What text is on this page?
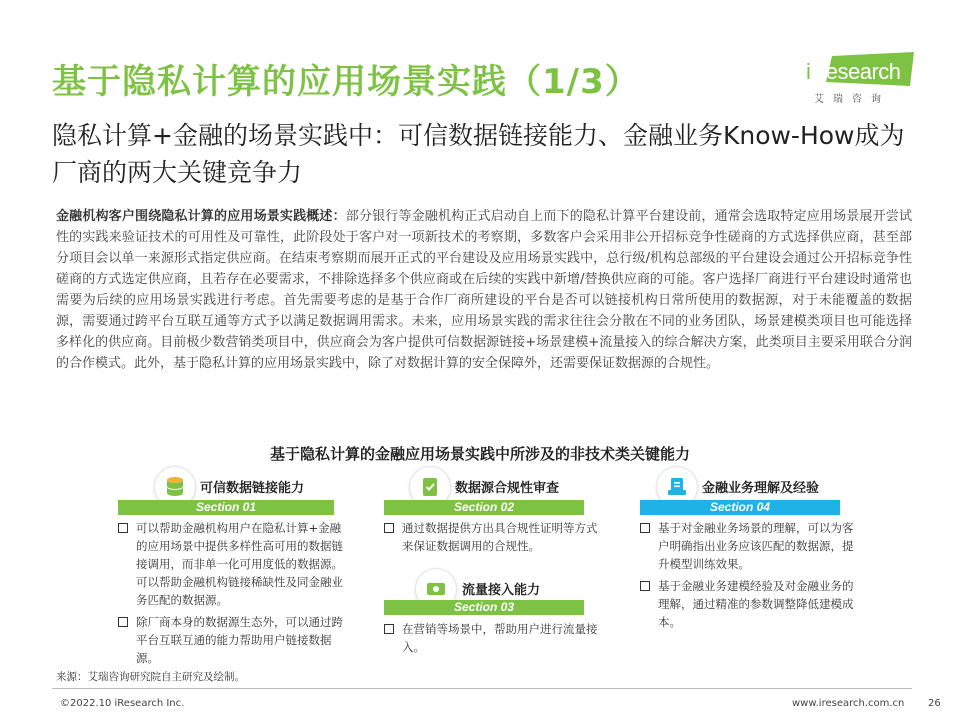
基于隐私计算的应用场景实践（1/3）	iResearch
艾瑞咨询
隐私计算+金融的场景实践中：可信数据链接能力、金融业务Know-How成为厂商的两大关键竞争力
金融机构客户围绕隐私计算的应用场景实践概述：部分银行等金融机构正式启动自上而下的隐私计算平台建设前，通常会选取特定应用场景展开尝试性的实践来验证技术的可用性及可靠性，此阶段处于客户对一项新技术的考察期，多数客户会采用非公开招标竞争性磋商的方式选择供应商，甚至部分项目会以单一来源形式指定供应商。在结束考察期而展开正式的平台建设及应用场景实践中，总行级/机构总部级的平台建设会通过公开招标竞争性磋商的方式选定供应商，且若存在必要需求，不排除选择多个供应商或在后续的实践中新增/替换供应商的可能。客户选择厂商进行平台建设时通常也需要为后续的应用场景实践进行考虑。首先需要考虑的是基于合作厂商所建设的平台是否可以链接机构日常所使用的数据源，对于未能覆盖的数据源，需要通过跨平台互联互通等方式予以满足数据调用需求。未来，应用场景实践的需求往往会分散在不同的业务团队，场景建模类项目也可能选择多样化的供应商。目前极少数营销类项目中，供应商会为客户提供可信数据源链接+场景建模+流量接入的综合解决方案，此类项目主要采用联合分润的合作模式。此外，基于隐私计算的应用场景实践中，除了对数据计算的安全保障外，还需要保证数据源的合规性。
基于隐私计算的金融应用场景实践中所涉及的非技术类关键能力
可信数据链接能力
Section 01
可以帮助金融机构用户在隐私计算+金融的应用场景中提供多样性高可用的数据链接调用，而非单一化可用度低的数据源。可以帮助金融机构链接稀缺性及同金融业务匹配的数据源。
除厂商本身的数据源生态外，可以通过跨平台互联互通的能力帮助用户链接数据源。
数据源合规性审查
Section 02
通过数据提供方出具合规性证明等方式来保证数据调用的合规性。
流量接入能力
Section 03
在营销等场景中，帮助用户进行流量接入。
金融业务理解及经验
Section 04
基于对金融业务场景的理解，可以为客户明确指出业务应该匹配的数据源，提升模型训练效果。
基于金融业务建模经验及对金融业务的理解，通过精准的参数调整降低建模成本。
来源：艾瑞咨询研究院自主研究及绘制。
©2022.10 iResearch Inc.	www.iresearch.com.cn 26
